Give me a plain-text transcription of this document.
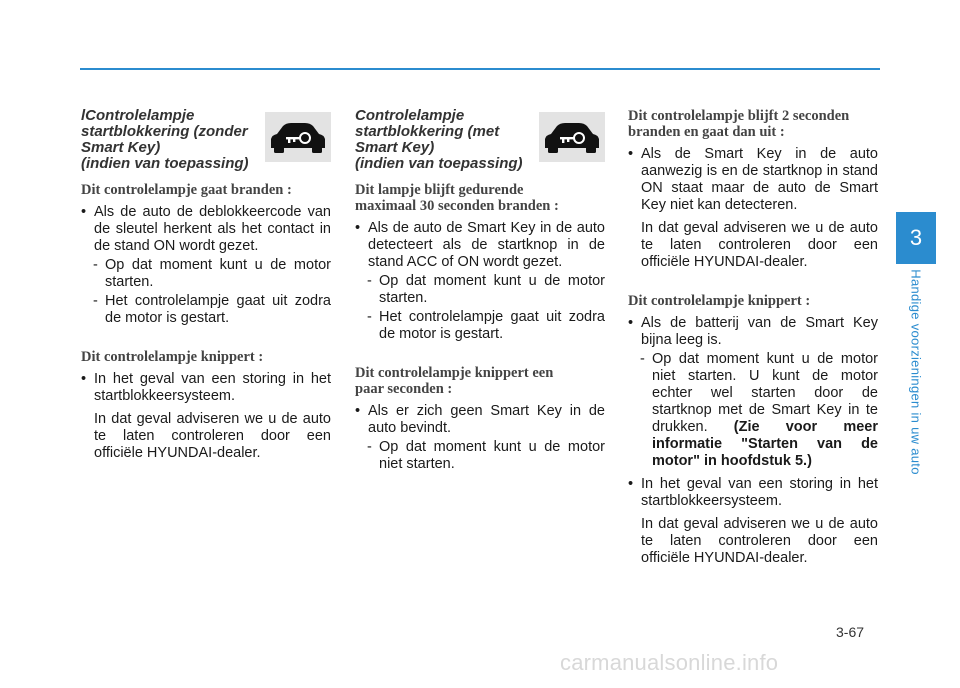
lControlelampje
startblokkering (zonder
Smart Key)
(indien van toepassing)
Dit controlelampje gaat branden :
• Als de auto de deblokkeercode van de sleutel herkent als het contact in de stand ON wordt gezet.
- Op dat moment kunt u de motor starten.
- Het controlelampje gaat uit zodra de motor is gestart.
Dit controlelampje knippert :
• In het geval van een storing in het startblokkeersysteem.
In dat geval adviseren we u de auto te laten controleren door een officiële HYUNDAI-dealer.
Controlelampje
startblokkering (met
Smart Key)
(indien van toepassing)
Dit lampje blijft gedurende
maximaal 30 seconden branden :
• Als de auto de Smart Key in de auto detecteert als de startknop in de stand ACC of ON wordt gezet.
- Op dat moment kunt u de motor starten.
- Het controlelampje gaat uit zodra de motor is gestart.
Dit controlelampje knippert een
paar seconden :
• Als er zich geen Smart Key in de auto bevindt.
- Op dat moment kunt u de motor niet starten.
Dit controlelampje blijft 2 seconden
branden en gaat dan uit :
• Als de Smart Key in de auto aanwezig is en de startknop in stand ON staat maar de auto de Smart Key niet kan detecteren.
In dat geval adviseren we u de auto te laten controleren door een officiële HYUNDAI-dealer.
Dit controlelampje knippert :
• Als de batterij van de Smart Key bijna leeg is.
- Op dat moment kunt u de motor niet starten. U kunt de motor echter wel starten door de startknop met de Smart Key in te drukken. (Zie voor meer informatie "Starten van de motor" in hoofdstuk 5.)
• In het geval van een storing in het startblokkeersysteem.
In dat geval adviseren we u de auto te laten controleren door een officiële HYUNDAI-dealer.
3
Handige voorzieningen in uw auto
3-67
carmanualsonline.info
